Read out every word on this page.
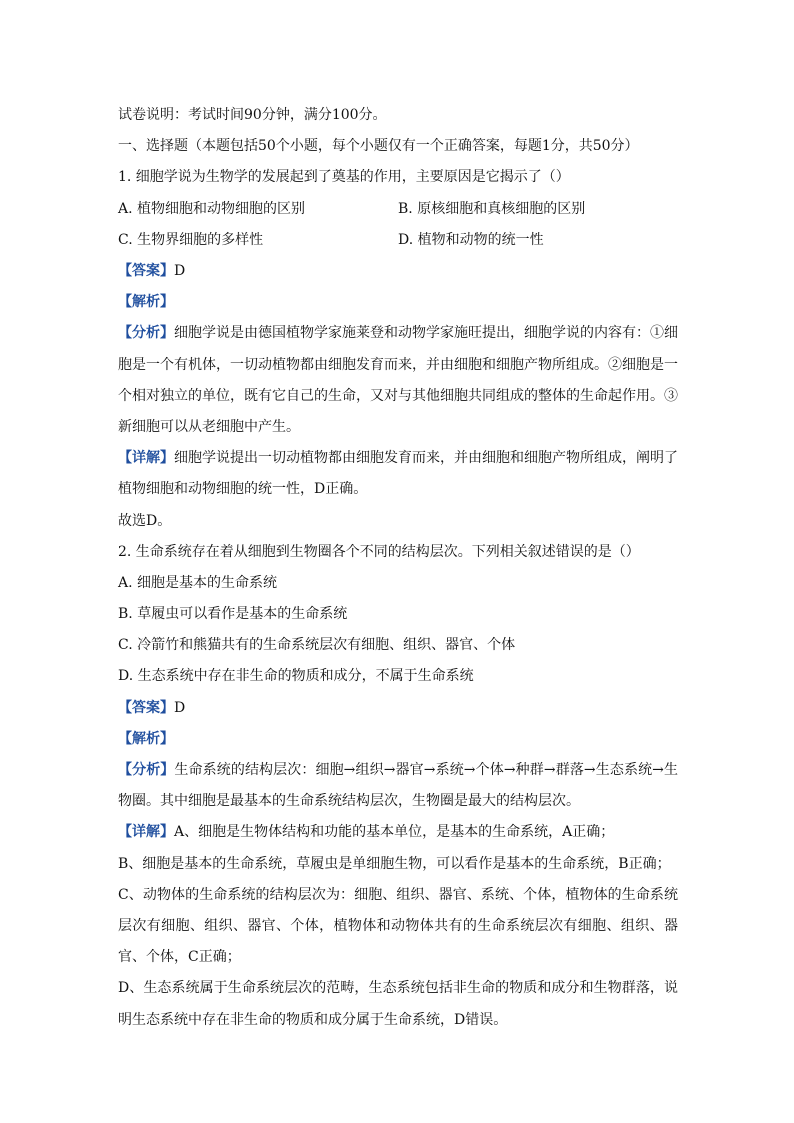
试卷说明：考试时间90分钟，满分100分。
一、选择题（本题包括50个小题，每个小题仅有一个正确答案，每题1分，共50分）
1. 细胞学说为生物学的发展起到了奠基的作用，主要原因是它揭示了（）
A. 植物细胞和动物细胞的区别	B. 原核细胞和真核细胞的区别
C. 生物界细胞的多样性	D. 植物和动物的统一性
【答案】D
【解析】
【分析】细胞学说是由德国植物学家施莱登和动物学家施旺提出，细胞学说的内容有：①细胞是一个有机体，一切动植物都由细胞发育而来，并由细胞和细胞产物所组成。②细胞是一个相对独立的单位，既有它自己的生命，又对与其他细胞共同组成的整体的生命起作用。③新细胞可以从老细胞中产生。
【详解】细胞学说提出一切动植物都由细胞发育而来，并由细胞和细胞产物所组成，阐明了植物细胞和动物细胞的统一性，D正确。
故选D。
2. 生命系统存在着从细胞到生物圈各个不同的结构层次。下列相关叙述错误的是（）
A. 细胞是基本的生命系统
B. 草履虫可以看作是基本的生命系统
C. 冷箭竹和熊猫共有的生命系统层次有细胞、组织、器官、个体
D. 生态系统中存在非生命的物质和成分，不属于生命系统
【答案】D
【解析】
【分析】生命系统的结构层次：细胞→组织→器官→系统→个体→种群→群落→生态系统→生物圈。其中细胞是最基本的生命系统结构层次，生物圈是最大的结构层次。
【详解】A、细胞是生物体结构和功能的基本单位，是基本的生命系统，A正确；
B、细胞是基本的生命系统，草履虫是单细胞生物，可以看作是基本的生命系统，B正确；
C、动物体的生命系统的结构层次为：细胞、组织、器官、系统、个体，植物体的生命系统层次有细胞、组织、器官、个体，植物体和动物体共有的生命系统层次有细胞、组织、器官、个体，C正确；
D、生态系统属于生命系统层次的范畴，生态系统包括非生命的物质和成分和生物群落，说明生态系统中存在非生命的物质和成分属于生命系统，D错误。
